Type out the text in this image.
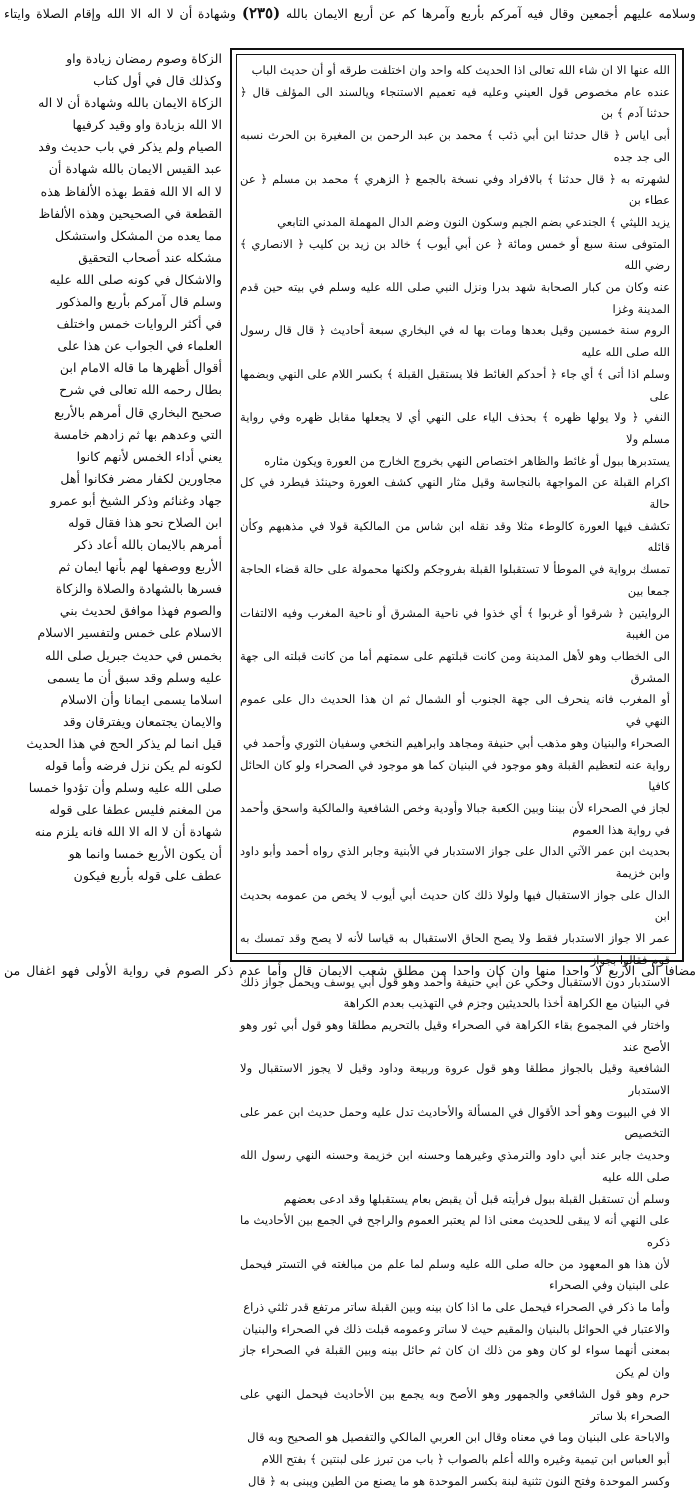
وسلامه عليهم أجمعين وقال فيه آمركم بأربع وآمرها كم عن أربع الايمان بالله (٢٣٥) وشهادة أن لا اله الا الله وإقام الصلاة وايتاء
الله عنها الا ان شاء الله تعالى اذا الحديث كله واحد وان اختلفت طرقه أو أن حديث الباب
عنده عام مخصوص قول العيني وعليه فيه تعميم الاستنجاء ويالسند الى المؤلف قال ﴿ حدثنا آدم ﴾ بن
أبى اياس ﴿ قال حدثنا ابن أبي ذئب ﴾ محمد بن عبد الرحمن بن المغيرة بن الحرث نسبه الى جد جده
لشهرته به ﴿ قال حدثنا ﴾ بالافراد وفي نسخة بالجمع ﴿ الزهري ﴾ محمد بن مسلم ﴿ عن عطاء بن
يزيد الليثي ﴾ الجندعي بضم الجيم وسكون النون وضم الدال المهملة المدني التابعي
المتوفى سنة سبع أو خمس ومائة ﴿ عن أبي أيوب ﴾ خالد بن زيد بن كليب ﴿ الانصاري ﴾ رضي الله
عنه وكان من كبار الصحابة شهد بدرا ونزل النبي صلى الله عليه وسلم في بيته حين قدم المدينة وغزا
الروم سنة خمسين وقيل بعدها ومات بها له في البخاري سبعة أحاديث ﴿ قال قال رسول الله صلى الله عليه
وسلم اذا أتى ﴾ أي جاء ﴿ أحدكم الغائط فلا يستقبل القبلة ﴾ بكسر اللام على النهي وبضمها على
النفي ﴿ ولا يولها ظهره ﴾ بحذف الياء على النهي أي لا يجعلها مقابل ظهره وفي رواية مسلم ولا
يستدبرها ببول أو غائط والظاهر اختصاص النهي بخروج الخارج من العورة ويكون مثاره
اكرام القبلة عن المواجهة بالنجاسة وقيل مثار النهي كشف العورة وحينئذ فيطرد في كل حالة
تكشف فيها العورة كالوطء مثلا وقد نقله ابن شاس من المالكية قولا في مذهبهم وكأن قائله
تمسك برواية في الموطأ لا تستقبلوا القبلة بفروجكم ولكنها محمولة على حالة قضاء الحاجة جمعا بين
الروايتين ﴿ شرقوا أو غربوا ﴾ أي خذوا في ناحية المشرق أو ناحية المغرب وفيه الالتفات من الغيبة
الى الخطاب وهو لأهل المدينة ومن كانت قبلتهم على سمتهم أما من كانت قبلته الى جهة المشرق
أو المغرب فانه ينحرف الى جهة الجنوب أو الشمال ثم ان هذا الحديث دال على عموم النهي في
الصحراء والبنيان وهو مذهب أبي حنيفة ومجاهد وابراهيم النخعي وسفيان الثوري وأحمد في
رواية عنه لتعظيم القبلة وهو موجود في البنيان كما هو موجود في الصحراء ولو كان الحائل كافيا
لجاز في الصحراء لأن بيننا وبين الكعبة جبالا وأودية وخص الشافعية والمالكية واسحق وأحمد في رواية هذا العموم
بحديث ابن عمر الآتي الدال على جواز الاستدبار في الأبنية وجابر الذي رواه أحمد وأبو داود وابن خزيمة
الدال على جواز الاستقبال فيها ولولا ذلك كان حديث أبي أيوب لا يخص من عمومه بحديث ابن
عمر الا جواز الاستدبار فقط ولا يصح الحاق الاستقبال به قياسا لأنه لا يصح وقد تمسك به قوم فقالوا بجواز
الاستدبار دون الاستقبال وحكي عن أبي حنيفة وأحمد وهو قول أبي يوسف ويحمل جواز ذلك
في البنيان مع الكراهة أخذا بالحديثين وجزم في التهذيب بعدم الكراهة
واختار في المجموع بقاء الكراهة في الصحراء وقيل بالتحريم مطلقا وهو قول أبي ثور وهو الأصح عند
الشافعية وقيل بالجواز مطلقا وهو قول عروة وربيعة وداود وقيل لا يجوز الاستقبال ولا الاستدبار
الا في البيوت وهو أحد الأقوال في المسألة والأحاديث تدل عليه وحمل حديث ابن عمر على التخصيص
وحديث جابر عند أبي داود والترمذي وغيرهما وحسنه ابن خزيمة وحسنه النهي رسول الله صلى الله عليه
وسلم أن تستقبل القبلة ببول فرأيته قبل أن يقبض بعام يستقبلها وقد ادعى بعضهم
على النهي أنه لا يبقى للحديث معنى اذا لم يعتبر العموم والراجح في الجمع بين الأحاديث ما ذكره
لأن هذا هو المعهود من حاله صلى الله عليه وسلم لما علم من مبالغته في التستر فيحمل على البنيان وفي الصحراء
وأما ما ذكر في الصحراء فيحمل على ما اذا كان بينه وبين القبلة ساتر مرتفع قدر ثلثي ذراع
والاعتبار في الحوائل بالبنيان والمقيم حيث لا ساتر وعمومه قبلت ذلك في الصحراء والبنيان
بمعنى أنهما سواء لو كان وهو من ذلك ان كان ثم حائل بينه وبين القبلة في الصحراء جاز وان لم يكن
حرم وهو قول الشافعي والجمهور وهو الأصح وبه يجمع بين الأحاديث فيحمل النهي على الصحراء بلا ساتر
والاباحة على البنيان وما في معناه وقال ابن العربي المالكي والتفصيل هو الصحيح وبه قال
أبو العباس ابن تيمية وغيره والله أعلم بالصواب ﴿ باب من تبرز على لبنتين ﴾ بفتح اللام
وكسر الموحدة وفتح النون تثنية لبنة بكسر الموحدة هو ما يصنع من الطين ويبنى به ﴿ قال
الزكاة وصوم رمضان زيادة واو
وكذلك قال في أول كتاب
الزكاة الايمان بالله وشهادة أن لا اله
الا الله بزيادة واو وقيد كرفيها
الصيام ولم يذكر في باب حديث وفد
عبد القيس الايمان بالله شهادة أن
لا اله الا الله فقط بهذه الألفاظ هذه
القطعة في الصحيحين وهذه الألفاظ
مما يعده من المشكل واستشكل
مشكله عند أصحاب التحقيق
والاشكال في كونه صلى الله عليه
وسلم قال آمركم بأربع والمذكور
في أكثر الروايات خمس واختلف
العلماء في الجواب عن هذا على
أقوال أظهرها ما قاله الامام ابن
بطال رحمه الله تعالى في شرح
صحيح البخاري قال أمرهم بالأربع
التي وعدهم بها ثم زادهم خامسة
يعني أداء الخمس لأنهم كانوا
مجاورين لكفار مضر فكانوا أهل
جهاد وغنائم وذكر الشيخ أبو عمرو
ابن الصلاح نحو هذا فقال قوله
أمرهم بالايمان بالله أعاد ذكر
الأربع ووصفها لهم بأنها ايمان ثم
فسرها بالشهادة والصلاة والزكاة
والصوم فهذا موافق لحديث بني
الاسلام على خمس ولتفسير الاسلام
بخمس في حديث جبريل صلى الله
عليه وسلم وقد سبق أن ما يسمى
اسلاما يسمى ايمانا وأن الاسلام
والايمان يجتمعان ويفترقان وقد
قيل انما لم يذكر الحج في هذا الحديث
لكونه لم يكن نزل فرضه وأما قوله
صلى الله عليه وسلم وأن تؤدوا خمسا
من المغنم فليس عطفا على قوله
شهادة أن لا اله الا الله فانه يلزم منه
أن يكون الأربع خمسا وانما هو
عطف على قوله بأربع فيكون
مضافا الى الأربع لا واحدا منها وان كان واحدا من مطلق شعب الايمان قال وأما عدم ذكر الصوم في رواية الأولى فهو اغفال من
